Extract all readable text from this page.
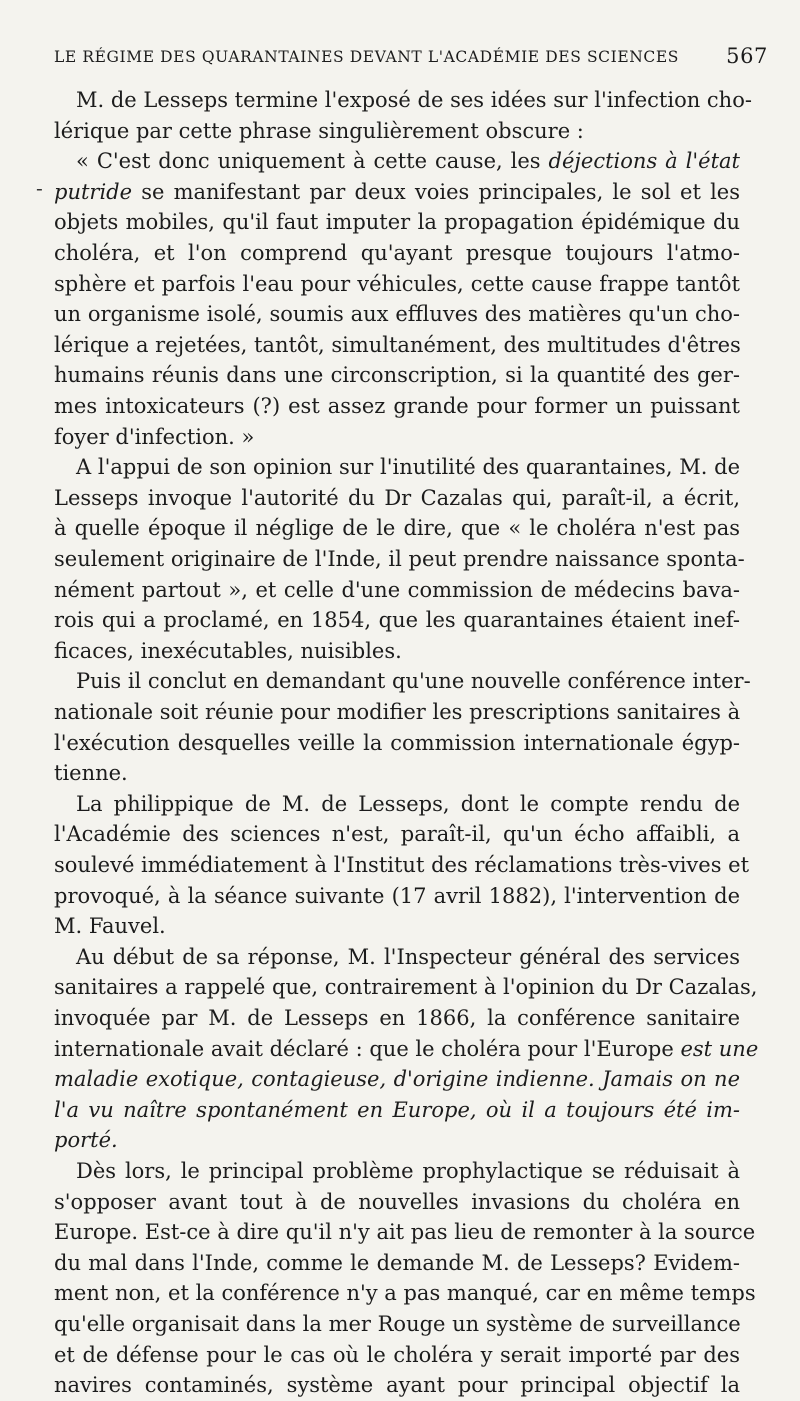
LE RÉGIME DES QUARANTAINES DEVANT L'ACADÉMIE DES SCIENCES 567
M. de Lesseps termine l'exposé de ses idées sur l'infection cho-
lérique par cette phrase singulièrement obscure :
« C'est donc uniquement à cette cause, les déjections à l'état
putride se manifestant par deux voies principales, le sol et les
objets mobiles, qu'il faut imputer la propagation épidémique du
choléra, et l'on comprend qu'ayant presque toujours l'atmo-
sphère et parfois l'eau pour véhicules, cette cause frappe tantôt
un organisme isolé, soumis aux effluves des matières qu'un cho-
lérique a rejetées, tantôt, simultanément, des multitudes d'êtres
humains réunis dans une circonscription, si la quantité des ger-
mes intoxicateurs (?) est assez grande pour former un puissant
foyer d'infection. »
A l'appui de son opinion sur l'inutilité des quarantaines, M. de
Lesseps invoque l'autorité du Dr Cazalas qui, paraît-il, a écrit,
à quelle époque il néglige de le dire, que « le choléra n'est pas
seulement originaire de l'Inde, il peut prendre naissance sponta-
nément partout », et celle d'une commission de médecins bava-
rois qui a proclamé, en 1854, que les quarantaines étaient inef-
ficaces, inexécutables, nuisibles.
Puis il conclut en demandant qu'une nouvelle conférence inter-
nationale soit réunie pour modifier les prescriptions sanitaires à
l'exécution desquelles veille la commission internationale égyp-
tienne.
La philippique de M. de Lesseps, dont le compte rendu de
l'Académie des sciences n'est, paraît-il, qu'un écho affaibli, a
soulevé immédiatement à l'Institut des réclamations très-vives et
provoqué, à la séance suivante (17 avril 1882), l'intervention de
M. Fauvel.
Au début de sa réponse, M. l'Inspecteur général des services
sanitaires a rappelé que, contrairement à l'opinion du Dr Cazalas,
invoquée par M. de Lesseps en 1866, la conférence sanitaire
internationale avait déclaré : que le choléra pour l'Europe est une
maladie exotique, contagieuse, d'origine indienne. Jamais on ne
l'a vu naître spontanément en Europe, où il a toujours été im-
porté.
Dès lors, le principal problème prophylactique se réduisait à
s'opposer avant tout à de nouvelles invasions du choléra en
Europe. Est-ce à dire qu'il n'y ait pas lieu de remonter à la source
du mal dans l'Inde, comme le demande M. de Lesseps? Evidem-
ment non, et la conférence n'y a pas manqué, car en même temps
qu'elle organisait dans la mer Rouge un système de surveillance
et de défense pour le cas où le choléra y serait importé par des
navires contaminés, système ayant pour principal objectif la
-
